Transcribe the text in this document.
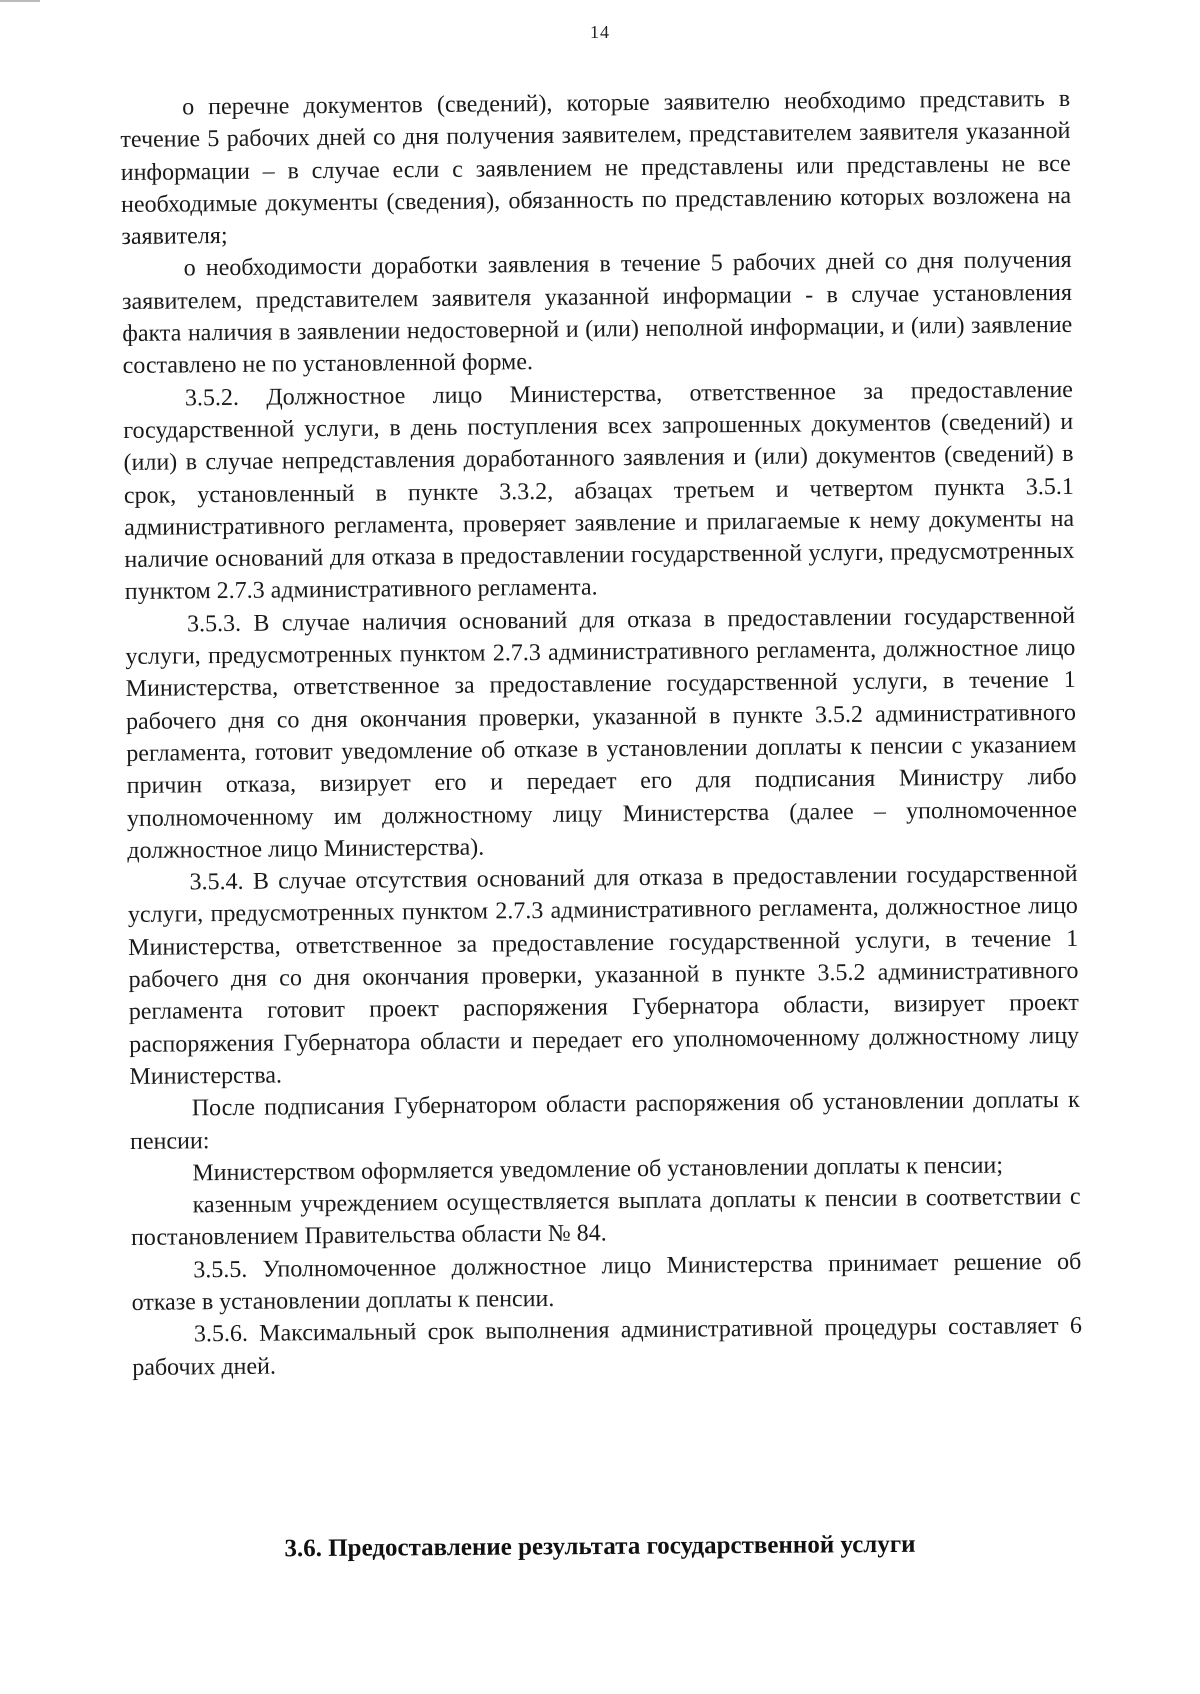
14

о перечне документов (сведений), которые заявителю необходимо представить в течение 5 рабочих дней со дня получения заявителем, представителем заявителя указанной информации – в случае если с заявлением не представлены или представлены не все необходимые документы (сведения), обязанность по представлению которых возложена на заявителя;

о необходимости доработки заявления в течение 5 рабочих дней со дня получения заявителем, представителем заявителя указанной информации - в случае установления факта наличия в заявлении недостоверной и (или) неполной информации, и (или) заявление составлено не по установленной форме.

3.5.2. Должностное лицо Министерства, ответственное за предоставление государственной услуги, в день поступления всех запрошенных документов (сведений) и (или) в случае непредставления доработанного заявления и (или) документов (сведений) в срок, установленный в пункте 3.3.2, абзацах третьем и четвертом пункта 3.5.1 административного регламента, проверяет заявление и прилагаемые к нему документы на наличие оснований для отказа в предоставлении государственной услуги, предусмотренных пунктом 2.7.3 административного регламента.

3.5.3. В случае наличия оснований для отказа в предоставлении государственной услуги, предусмотренных пунктом 2.7.3 административного регламента, должностное лицо Министерства, ответственное за предоставление государственной услуги, в течение 1 рабочего дня со дня окончания проверки, указанной в пункте 3.5.2 административного регламента, готовит уведомление об отказе в установлении доплаты к пенсии с указанием причин отказа, визирует его и передает его для подписания Министру либо уполномоченному им должностному лицу Министерства (далее – уполномоченное должностное лицо Министерства).

3.5.4. В случае отсутствия оснований для отказа в предоставлении государственной услуги, предусмотренных пунктом 2.7.3 административного регламента, должностное лицо Министерства, ответственное за предоставление государственной услуги, в течение 1 рабочего дня со дня окончания проверки, указанной в пункте 3.5.2 административного регламента готовит проект распоряжения Губернатора области, визирует проект распоряжения Губернатора области и передает его уполномоченному должностному лицу Министерства.

После подписания Губернатором области распоряжения об установлении доплаты к пенсии:

Министерством оформляется уведомление об установлении доплаты к пенсии;

казенным учреждением осуществляется выплата доплаты к пенсии в соответствии с постановлением Правительства области № 84.

3.5.5. Уполномоченное должностное лицо Министерства принимает решение об отказе в установлении доплаты к пенсии.

3.5.6. Максимальный срок выполнения административной процедуры составляет 6 рабочих дней.

3.6. Предоставление результата государственной услуги
